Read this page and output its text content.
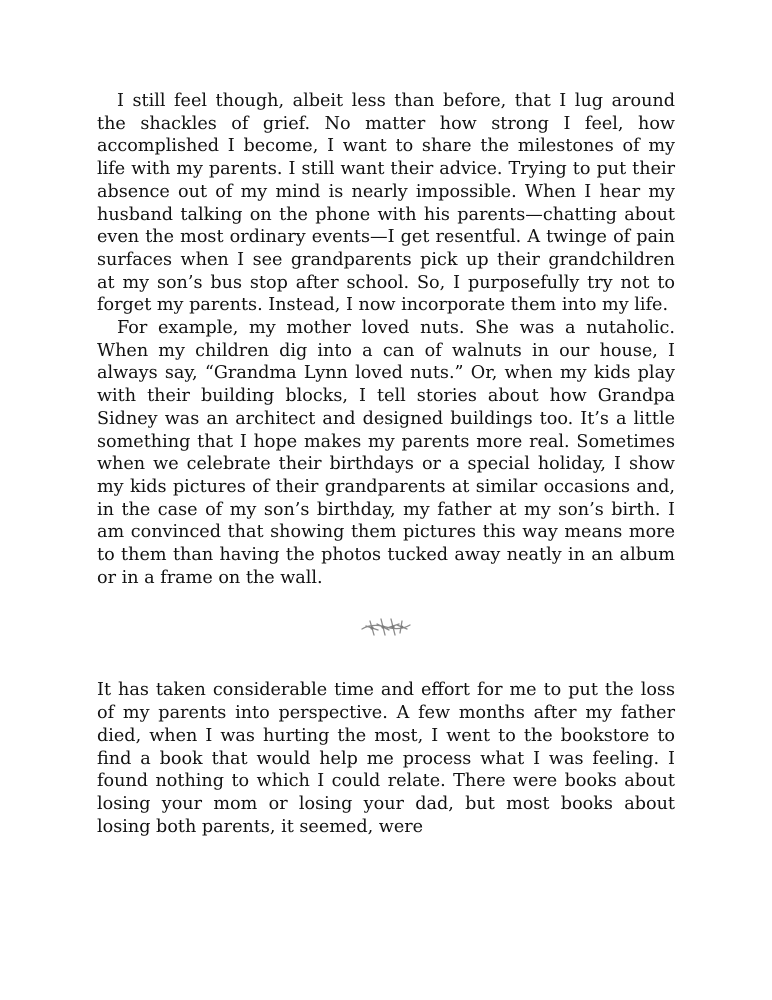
I still feel though, albeit less than before, that I lug around the shackles of grief. No matter how strong I feel, how accomplished I become, I want to share the milestones of my life with my parents. I still want their advice. Trying to put their absence out of my mind is nearly impossible. When I hear my husband talking on the phone with his parents—chatting about even the most ordinary events—I get resentful. A twinge of pain surfaces when I see grandparents pick up their grandchildren at my son’s bus stop after school. So, I purposefully try not to forget my parents. Instead, I now incorporate them into my life.

For example, my mother loved nuts. She was a nutaholic. When my children dig into a can of walnuts in our house, I always say, “Grandma Lynn loved nuts.” Or, when my kids play with their building blocks, I tell stories about how Grandpa Sidney was an architect and designed buildings too. It’s a little something that I hope makes my parents more real. Sometimes when we celebrate their birthdays or a special holiday, I show my kids pictures of their grandparents at similar occasions and, in the case of my son’s birthday, my father at my son’s birth. I am convinced that showing them pictures this way means more to them than having the photos tucked away neatly in an album or in a frame on the wall.

It has taken considerable time and effort for me to put the loss of my parents into perspective. A few months after my father died, when I was hurting the most, I went to the bookstore to find a book that would help me process what I was feeling. I found nothing to which I could relate. There were books about losing your mom or losing your dad, but most books about losing both parents, it seemed, were
